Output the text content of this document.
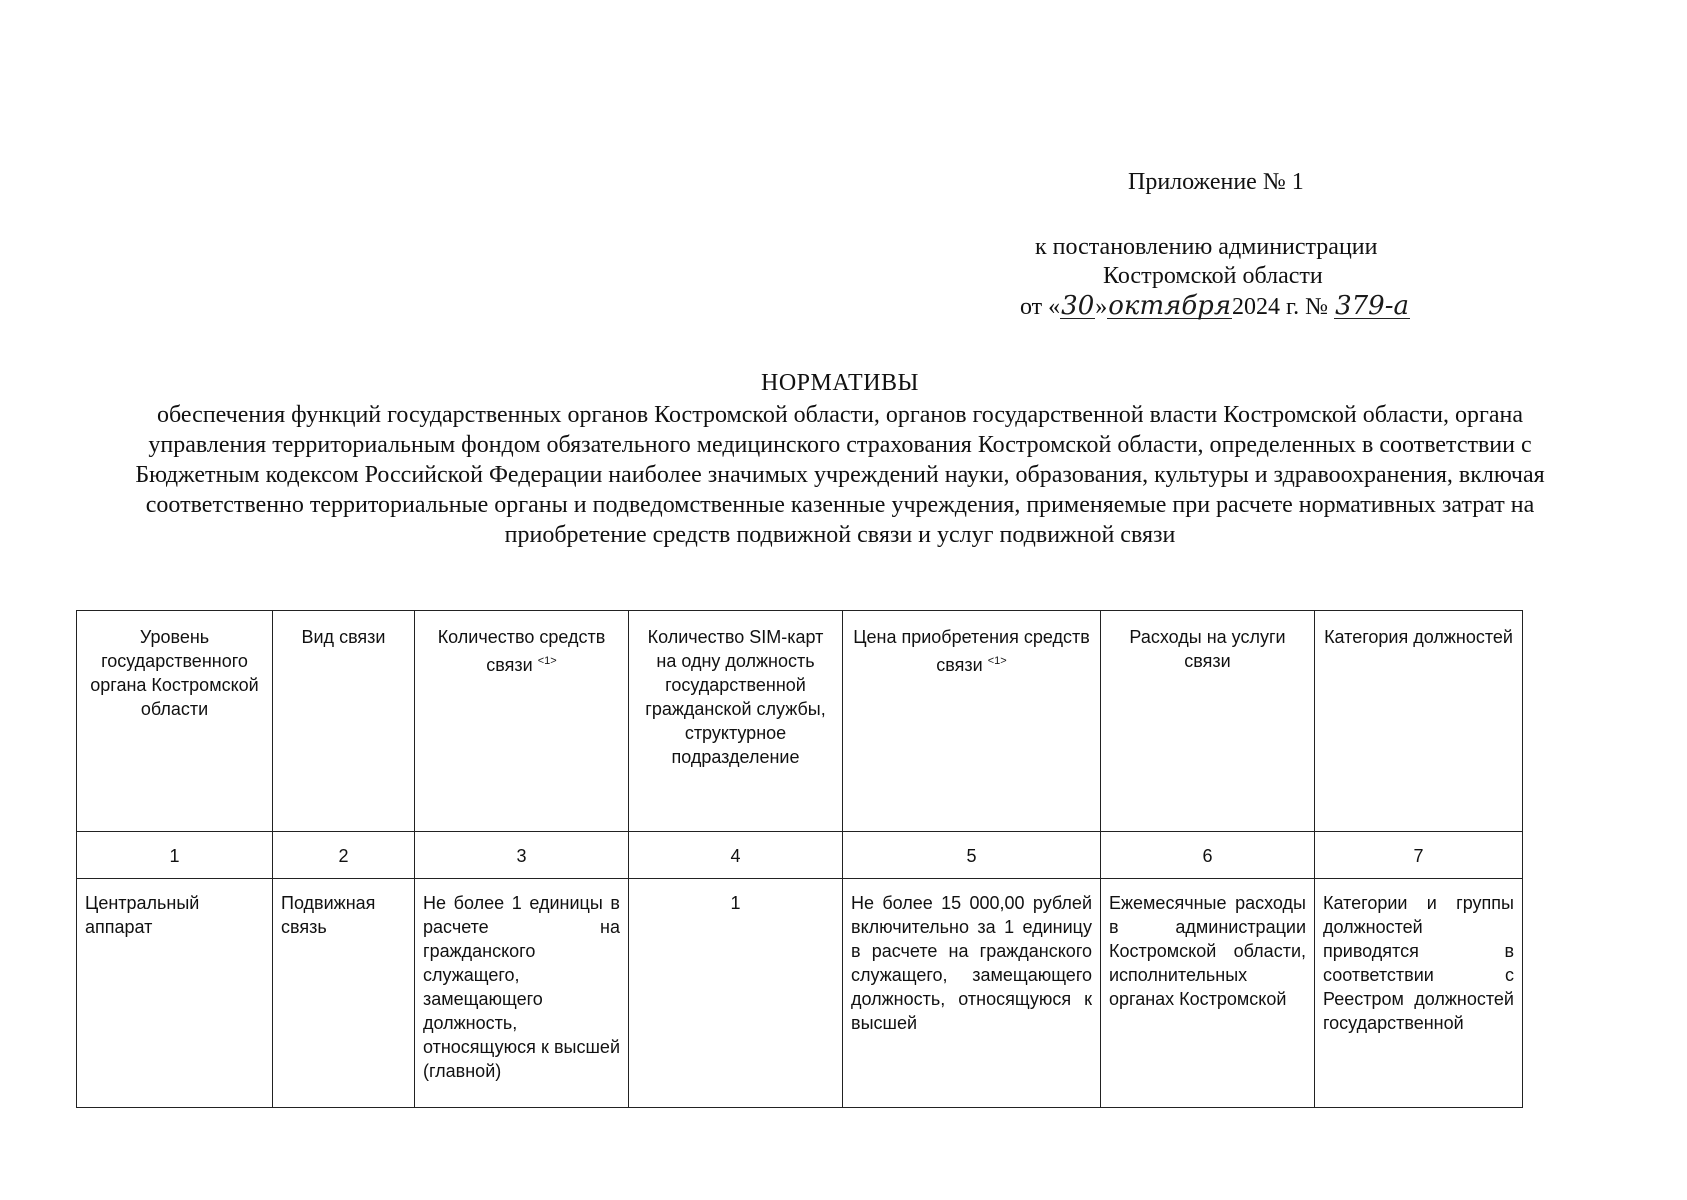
Приложение № 1
к постановлению администрации
Костромской области
от «30»октября2024 г. № 379-а
НОРМАТИВЫ

обеспечения функций государственных органов Костромской области, органов государственной власти Костромской области, органа управления территориальным фондом обязательного медицинского страхования Костромской области, определенных в соответствии с Бюджетным кодексом Российской Федерации наиболее значимых учреждений науки, образования, культуры и здравоохранения, включая соответственно территориальные органы и подведомственные казенные учреждения, применяемые при расчете нормативных затрат на приобретение средств подвижной связи и услуг подвижной связи

Уровень государственного органа Костромской области	Вид связи	Количество средств связи $^{<1>}$	Количество SIM-карт на одну должность государственной гражданской службы, структурное подразделение	Цена приобретения средств связи $^{<1>}$	Расходы на услуги связи	Категория должностей
1	2	3	4	5	6	7
Центральный аппарат	Подвижная связь	Не более 1 единицы в расчете на гражданского служащего, замещающего должность, относящуюся к высшей (главной)	1	Не более 15 000,00 рублей включительно за 1 единицу в расчете на гражданского служащего, замещающего должность, относящуюся к высшей	Ежемесячные расходы в администрации Костромской области, исполнительных органах Костромской	Категории и группы должностей приводятся в соответствии с Реестром должностей государственной
